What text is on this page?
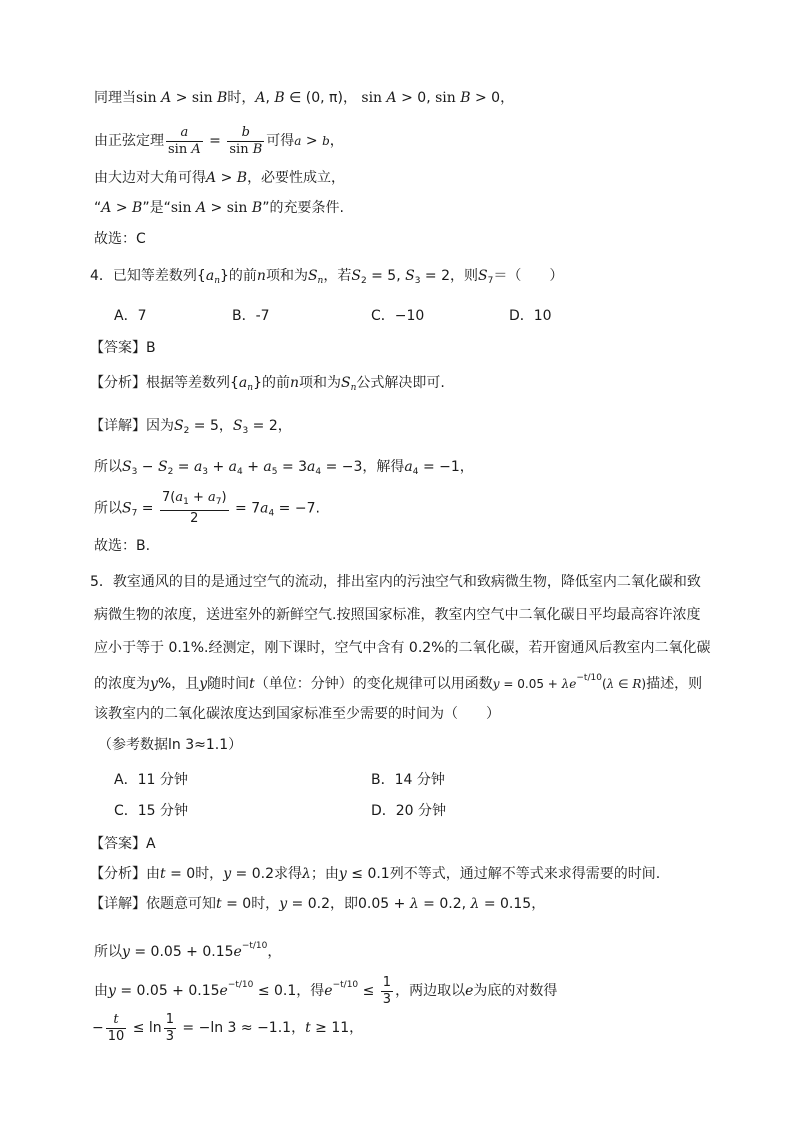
同理当sin A > sin B时，A, B ∈ (0, π)， sin A > 0, sin B > 0，
由正弦定理 $\frac{a}{\text{sin A}} = \frac{b}{\text{sin B}}$ 可得a > b，
由大边对大角可得A > B，必要性成立，
“A > B”是“sin A > sin B”的充要条件.
故选：C
4．已知等差数列$\{a_n\}$的前n项和为$S_n$，若$S_2 = 5$, $S_3 = 2$，则$S_7=$（　　）
A．7	B．-7	C．−10	D．10
【答案】B
【分析】根据等差数列$\{a_n\}$的前n项和为$S_n$公式解决即可.
【详解】因为$S_2 = 5$，$S_3 = 2$，
所以$S_3 - S_2 = a_3 + a_4 + a_5 = 3a_4 = -3$，解得$a_4 = -1$，
所以$S_7 = \frac{7(a_1 + a_7)}{2} = 7a_4 = -7$.
故选：B.
5．教室通风的目的是通过空气的流动，排出室内的污浊空气和致病微生物，降低室内二氧化碳和致
病微生物的浓度，送进室外的新鲜空气.按照国家标准，教室内空气中二氧化碳日平均最高容许浓度
应小于等于 0.1%.经测定，刚下课时，空气中含有 0.2%的二氧化碳，若开窗通风后教室内二氧化碳
的浓度为y%，且y随时间t（单位：分钟）的变化规律可以用函数$y = 0.05 + \lambda e^{-t/10}(\lambda$ ∈ R)描述，则
该教室内的二氧化碳浓度达到国家标准至少需要的时间为（　　）
（参考数据ln 3≈1.1）
A．11 分钟	B．14 分钟
C．15 分钟	D．20 分钟
【答案】A
【分析】由t = 0时，y = 0.2求得λ；由y ≤ 0.1列不等式，通过解不等式来求得需要的时间.
【详解】依题意可知t = 0时，y = 0.2，即0.05 + λ = 0.2, λ = 0.15，
所以$y = 0.05 + 0.15e^{-t/10}$，
由$y = 0.05 + 0.15e^{-t/10} \le 0.1$，得$e^{-t/10} \le \frac{1}{3}$ ，两边取以e为底的对数得
− $\frac{t}{10} \le \ln \frac{1}{3} = -\ln$ 3 ≈ −1.1，t ≥ 11，
